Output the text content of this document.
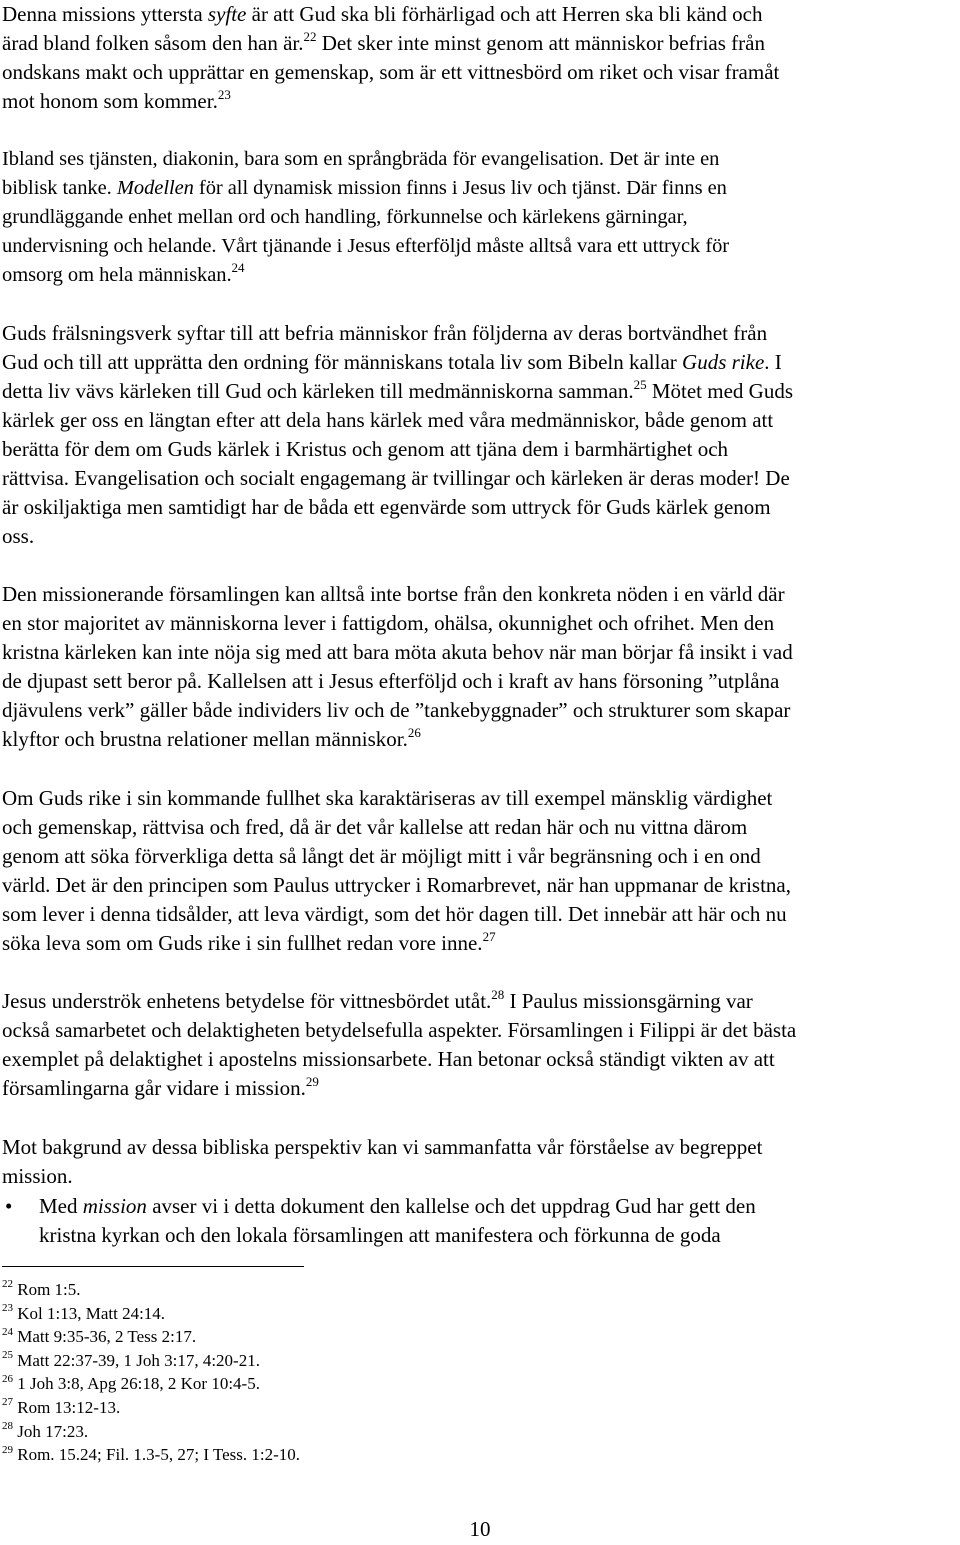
Denna missions yttersta syfte är att Gud ska bli förhärligad och att Herren ska bli känd och
ärad bland folken såsom den han är.$^{22}$ Det sker inte minst genom att människor befrias från
ondskans makt och upprättar en gemenskap, som är ett vittnesbörd om riket och visar framåt
mot honom som kommer.$^{23}$
Ibland ses tjänsten, diakonin, bara som en språngbräda för evangelisation. Det är inte en
biblisk tanke. Modellen för all dynamisk mission finns i Jesus liv och tjänst. Där finns en
grundläggande enhet mellan ord och handling, förkunnelse och kärlekens gärningar,
undervisning och helande. Vårt tjänande i Jesus efterföljd måste alltså vara ett uttryck för
omsorg om hela människan.$^{24}$
Guds frälsningsverk syftar till att befria människor från följderna av deras bortvändhet från
Gud och till att upprätta den ordning för människans totala liv som Bibeln kallar Guds rike. I
detta liv vävs kärleken till Gud och kärleken till medmänniskorna samman.$^{25}$ Mötet med Guds
kärlek ger oss en längtan efter att dela hans kärlek med våra medmänniskor, både genom att
berätta för dem om Guds kärlek i Kristus och genom att tjäna dem i barmhärtighet och
rättvisa. Evangelisation och socialt engagemang är tvillingar och kärleken är deras moder! De
är oskiljaktiga men samtidigt har de båda ett egenvärde som uttryck för Guds kärlek genom
oss.
Den missionerande församlingen kan alltså inte bortse från den konkreta nöden i en värld där
en stor majoritet av människorna lever i fattigdom, ohälsa, okunnighet och ofrihet. Men den
kristna kärleken kan inte nöja sig med att bara möta akuta behov när man börjar få insikt i vad
de djupast sett beror på. Kallelsen att i Jesus efterföljd och i kraft av hans försoning ”utplåna
djävulens verk” gäller både individers liv och de ”tankebyggnader” och strukturer som skapar
klyftor och brustna relationer mellan människor.$^{26}$
Om Guds rike i sin kommande fullhet ska karaktäriseras av till exempel mänsklig värdighet
och gemenskap, rättvisa och fred, då är det vår kallelse att redan här och nu vittna därom
genom att söka förverkliga detta så långt det är möjligt mitt i vår begränsning och i en ond
värld. Det är den principen som Paulus uttrycker i Romarbrevet, när han uppmanar de kristna,
som lever i denna tidsålder, att leva värdigt, som det hör dagen till. Det innebär att här och nu
söka leva som om Guds rike i sin fullhet redan vore inne.$^{27}$
Jesus underströk enhetens betydelse för vittnesbördet utåt.$^{28}$ I Paulus missionsgärning var
också samarbetet och delaktigheten betydelsefulla aspekter. Församlingen i Filippi är det bästa
exemplet på delaktighet i apostelns missionsarbete. Han betonar också ständigt vikten av att
församlingarna går vidare i mission.$^{29}$
Mot bakgrund av dessa bibliska perspektiv kan vi sammanfatta vår förståelse av begreppet
mission.
•	Med mission avser vi i detta dokument den kallelse och det uppdrag Gud har gett den
kristna kyrkan och den lokala församlingen att manifestera och förkunna de goda
$^{22}$ Rom 1:5.
$^{23}$ Kol 1:13, Matt 24:14.
$^{24}$ Matt 9:35-36, 2 Tess 2:17.
$^{25}$ Matt 22:37-39, 1 Joh 3:17, 4:20-21.
$^{26}$ 1 Joh 3:8, Apg 26:18, 2 Kor 10:4-5.
$^{27}$ Rom 13:12-13.
$^{28}$ Joh 17:23.
$^{29}$ Rom. 15.24; Fil. 1.3-5, 27; I Tess. 1:2-10.
10
